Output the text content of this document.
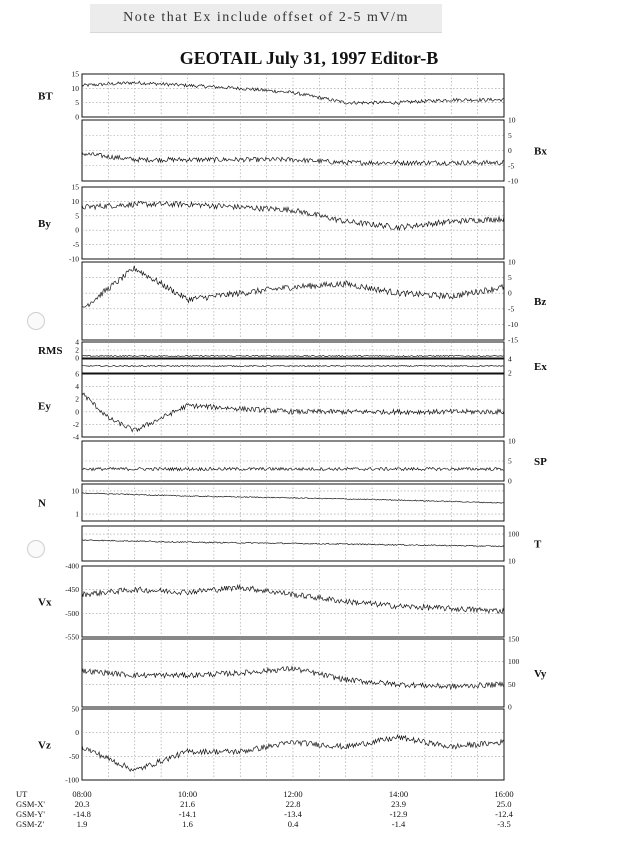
Note that Ex include offset of 2-5 mV/m
GEOTAIL July 31, 1997 Editor-B
15
10
5
0
BT
10
5
0
-5
-10
Bx
15
10
5
0
-5
-10
By
10
5
0
-5
-10
-15
Bz
4
2
0
RMS
4
2 Ex
6
4
2
0
-2
-4
Ey
10
5
0
SP
10
1
N
100
10
T
-400
-450
-500
-550
Vx
150
100
50
0
Vy
50
0
-50
-100
Vz
UT
GSM-X'
GSM-Y'
GSM-Z'
08:00
20.3
-14.8
1.9
10:00
21.6
-14.1
1.6
12:00
22.8
-13.4
0.4
14:00
23.9
-12.9
-1.4
16:00
25.0
-12.4
-3.5
